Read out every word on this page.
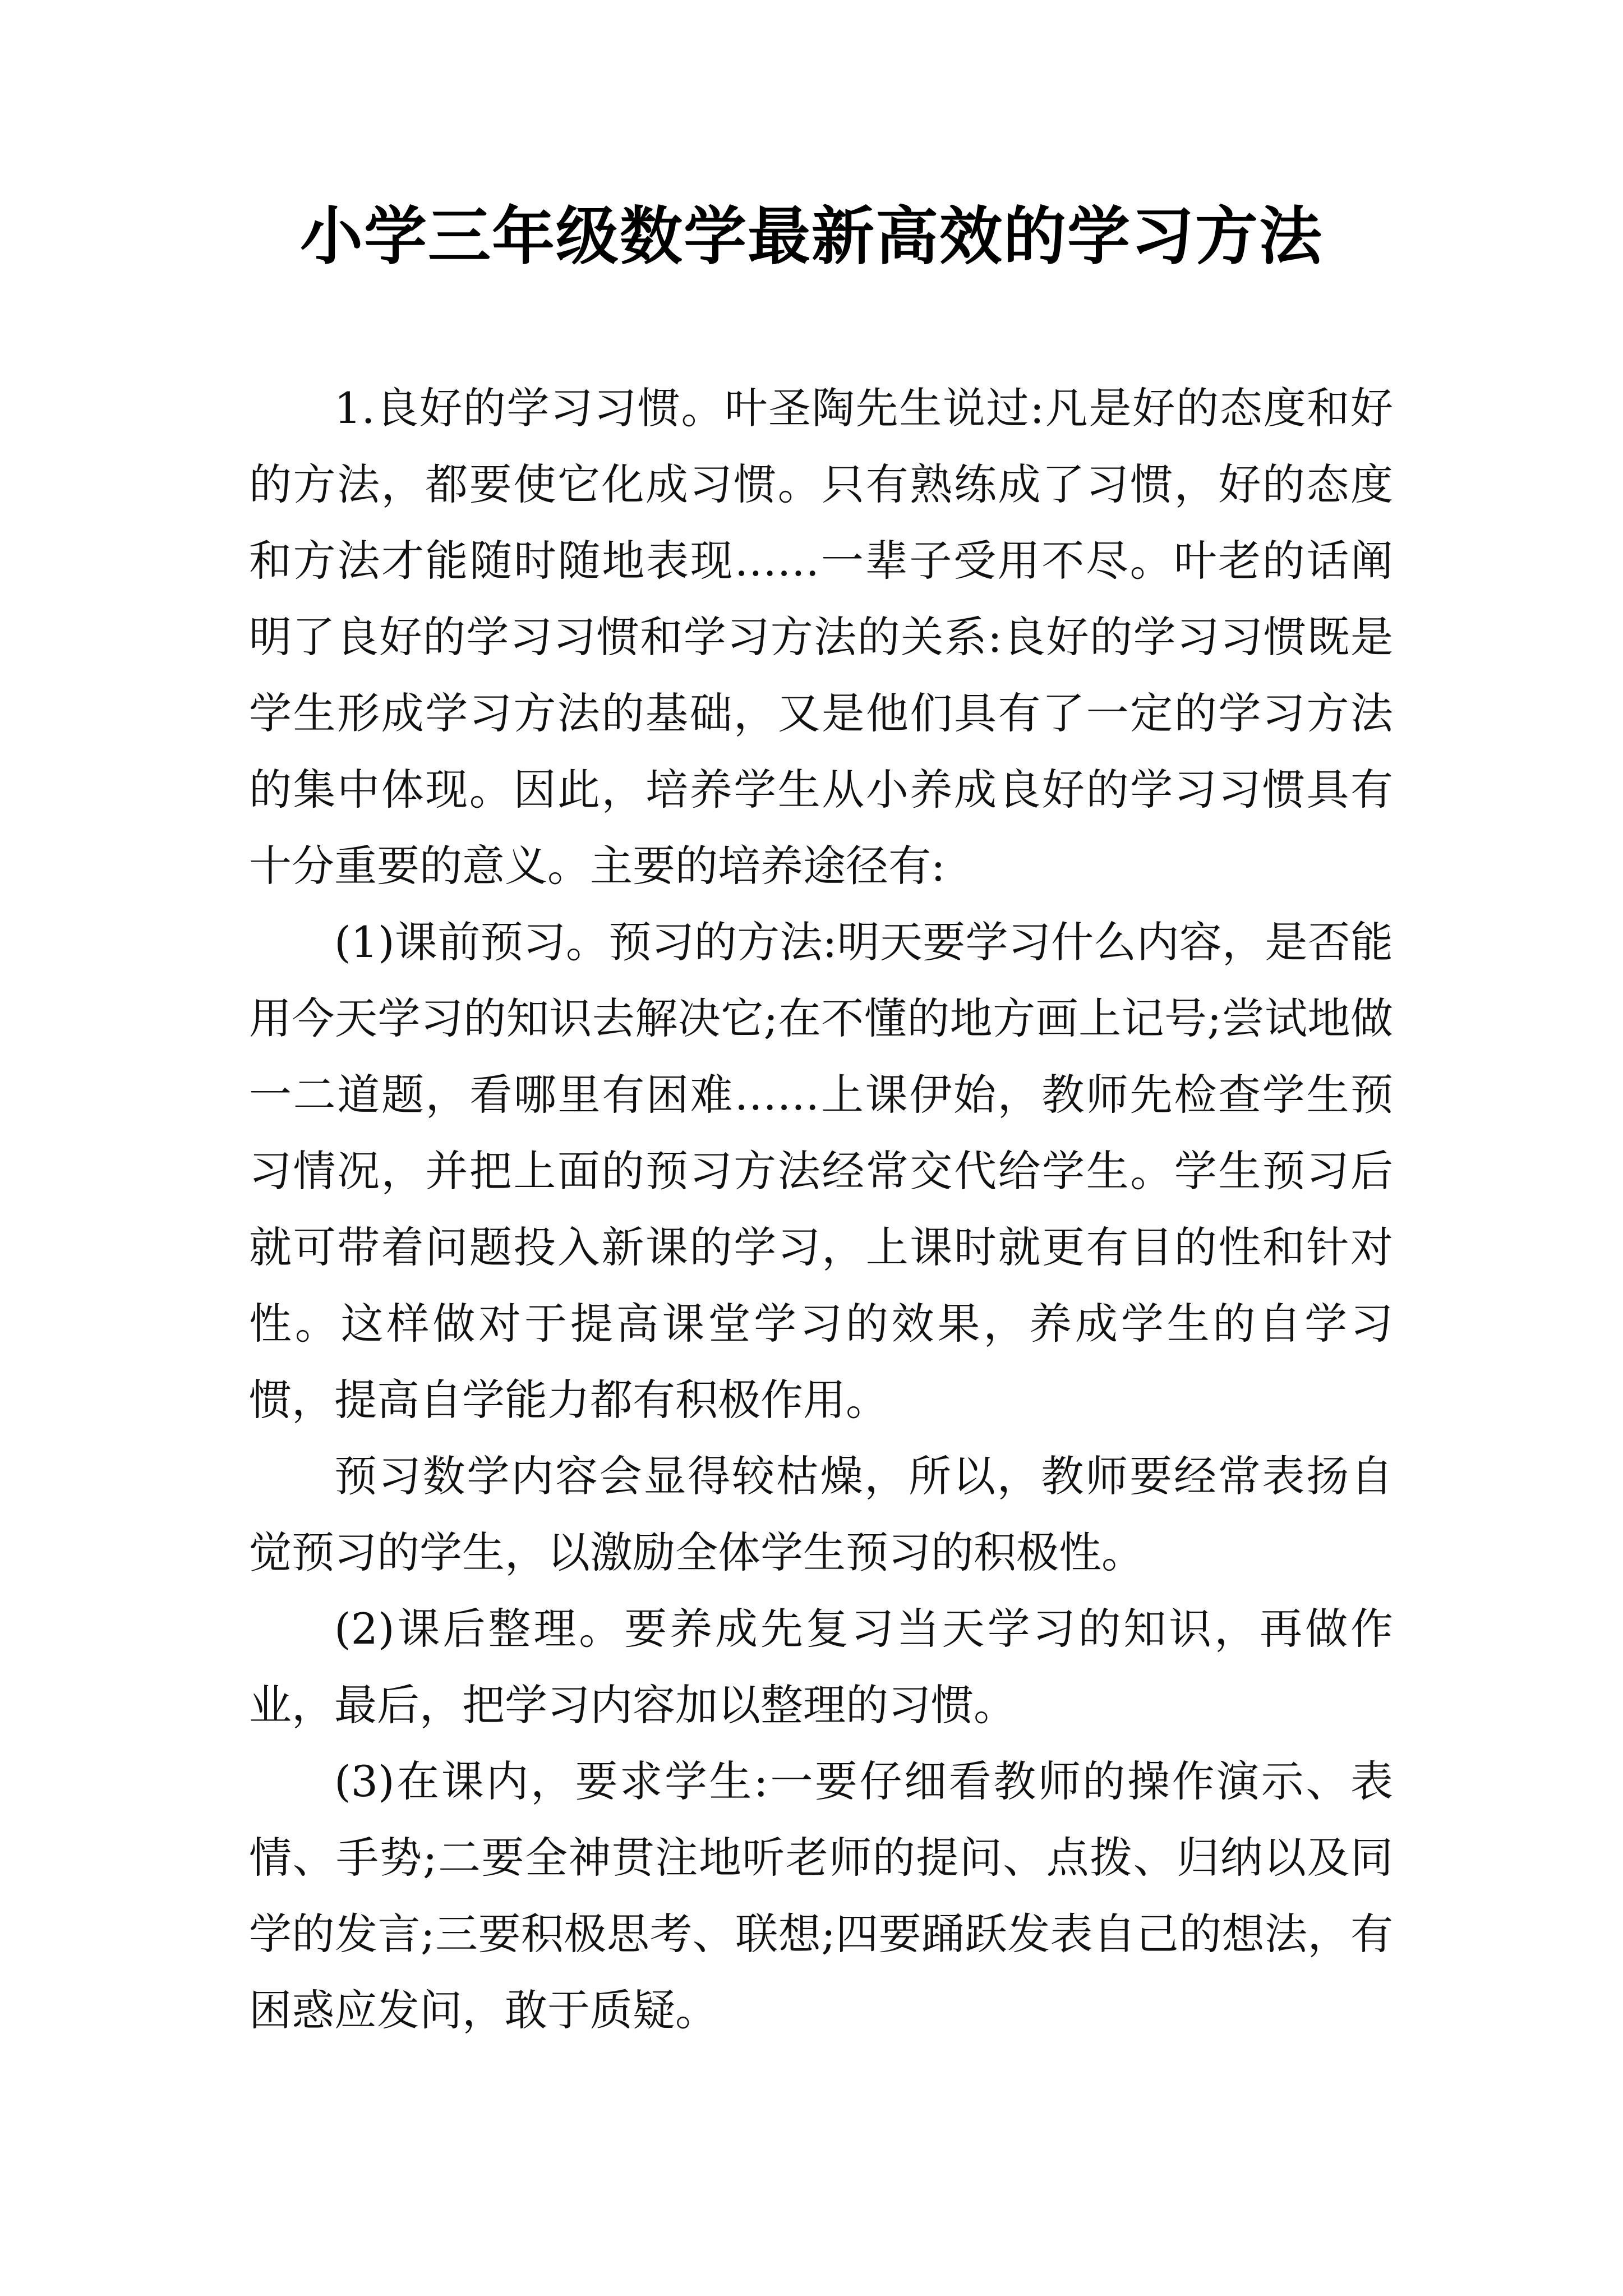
小学三年级数学最新高效的学习方法

1.良好的学习习惯。叶圣陶先生说过:凡是好的态度和好的方法，都要使它化成习惯。只有熟练成了习惯，好的态度和方法才能随时随地表现……一辈子受用不尽。叶老的话阐明了良好的学习习惯和学习方法的关系:良好的学习习惯既是学生形成学习方法的基础，又是他们具有了一定的学习方法的集中体现。因此，培养学生从小养成良好的学习习惯具有十分重要的意义。主要的培养途径有:

(1)课前预习。预习的方法:明天要学习什么内容，是否能用今天学习的知识去解决它;在不懂的地方画上记号;尝试地做一二道题，看哪里有困难……上课伊始，教师先检查学生预习情况，并把上面的预习方法经常交代给学生。学生预习后就可带着问题投入新课的学习，上课时就更有目的性和针对性。这样做对于提高课堂学习的效果，养成学生的自学习惯，提高自学能力都有积极作用。

预习数学内容会显得较枯燥，所以，教师要经常表扬自觉预习的学生，以激励全体学生预习的积极性。

(2)课后整理。要养成先复习当天学习的知识，再做作业，最后，把学习内容加以整理的习惯。

(3)在课内，要求学生:一要仔细看教师的操作演示、表情、手势;二要全神贯注地听老师的提问、点拨、归纳以及同学的发言;三要积极思考、联想;四要踊跃发表自己的想法，有困惑应发问，敢于质疑。
